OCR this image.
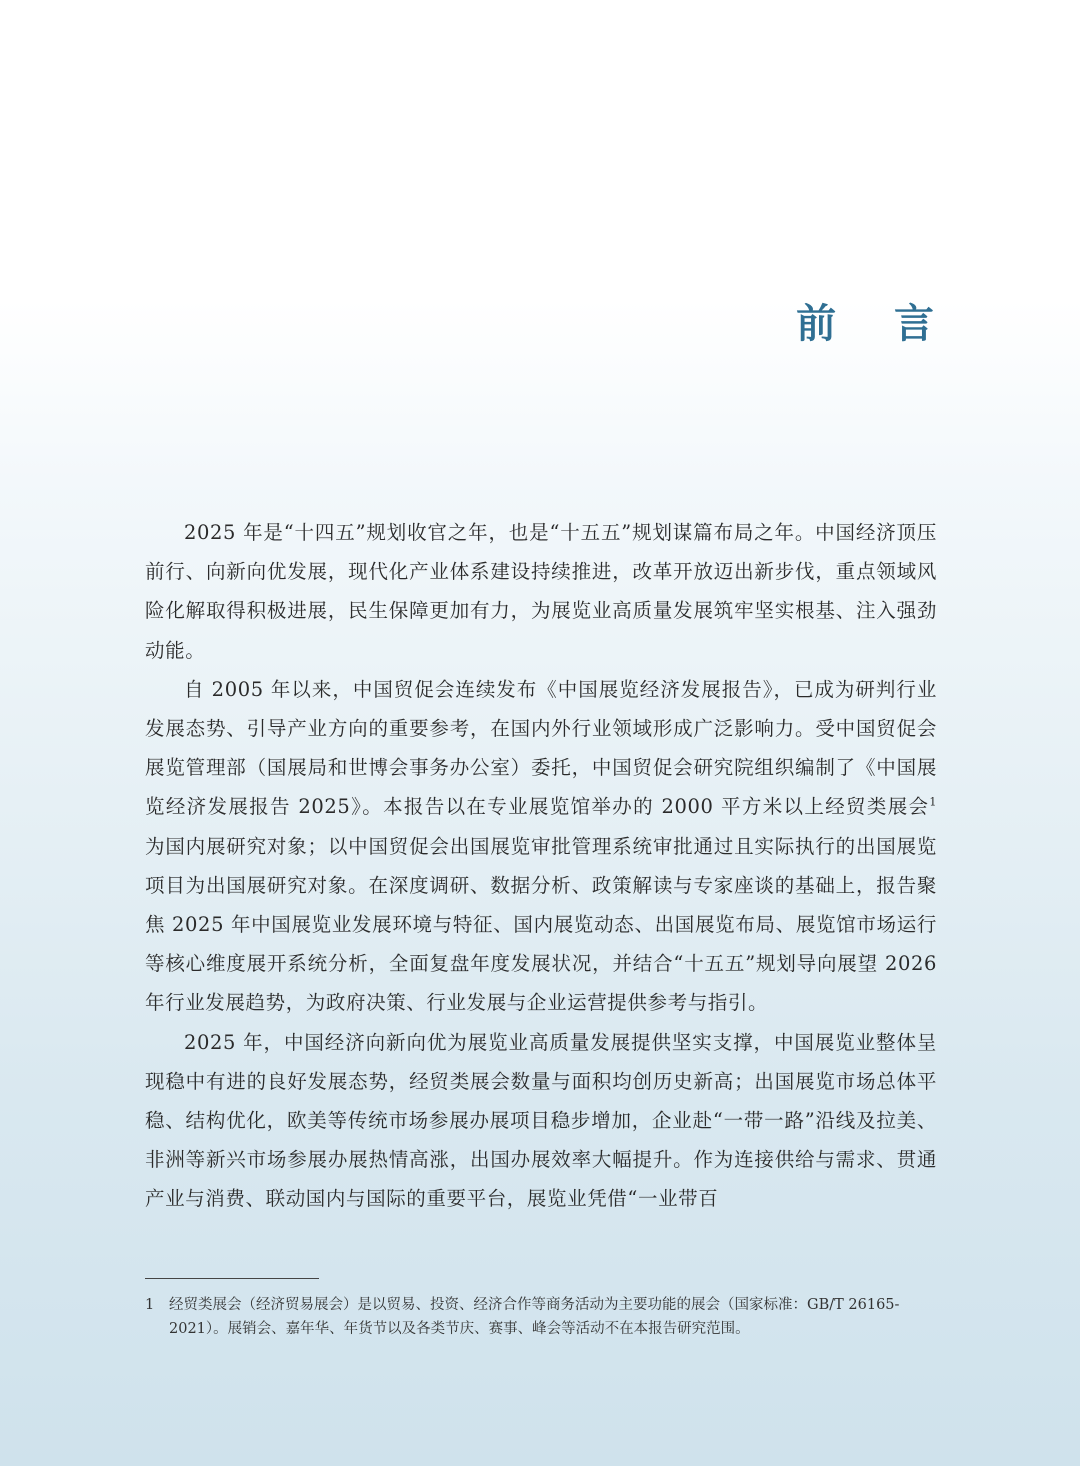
前 言

2025 年是“十四五”规划收官之年，也是“十五五”规划谋篇布局之年。中国经济顶压前行、向新向优发展，现代化产业体系建设持续推进，改革开放迈出新步伐，重点领域风险化解取得积极进展，民生保障更加有力，为展览业高质量发展筑牢坚实根基、注入强劲动能。

自 2005 年以来，中国贸促会连续发布《中国展览经济发展报告》，已成为研判行业发展态势、引导产业方向的重要参考，在国内外行业领域形成广泛影响力。受中国贸促会展览管理部（国展局和世博会事务办公室）委托，中国贸促会研究院组织编制了《中国展览经济发展报告 2025》。本报告以在专业展览馆举办的 2000 平方米以上经贸类展会$^1$ 为国内展研究对象；以中国贸促会出国展览审批管理系统审批通过且实际执行的出国展览项目为出国展研究对象。在深度调研、数据分析、政策解读与专家座谈的基础上，报告聚焦 2025 年中国展览业发展环境与特征、国内展览动态、出国展览布局、展览馆市场运行等核心维度展开系统分析，全面复盘年度发展状况，并结合“十五五”规划导向展望 2026 年行业发展趋势，为政府决策、行业发展与企业运营提供参考与指引。

2025 年，中国经济向新向优为展览业高质量发展提供坚实支撑，中国展览业整体呈现稳中有进的良好发展态势，经贸类展会数量与面积均创历史新高；出国展览市场总体平稳、结构优化，欧美等传统市场参展办展项目稳步增加，企业赴“一带一路”沿线及拉美、非洲等新兴市场参展办展热情高涨，出国办展效率大幅提升。作为连接供给与需求、贯通产业与消费、联动国内与国际的重要平台，展览业凭借“一业带百

1	经贸类展会（经济贸易展会）是以贸易、投资、经济合作等商务活动为主要功能的展会（国家标准：GB/T 26165-2021）。展销会、嘉年华、年货节以及各类节庆、赛事、峰会等活动不在本报告研究范围。
